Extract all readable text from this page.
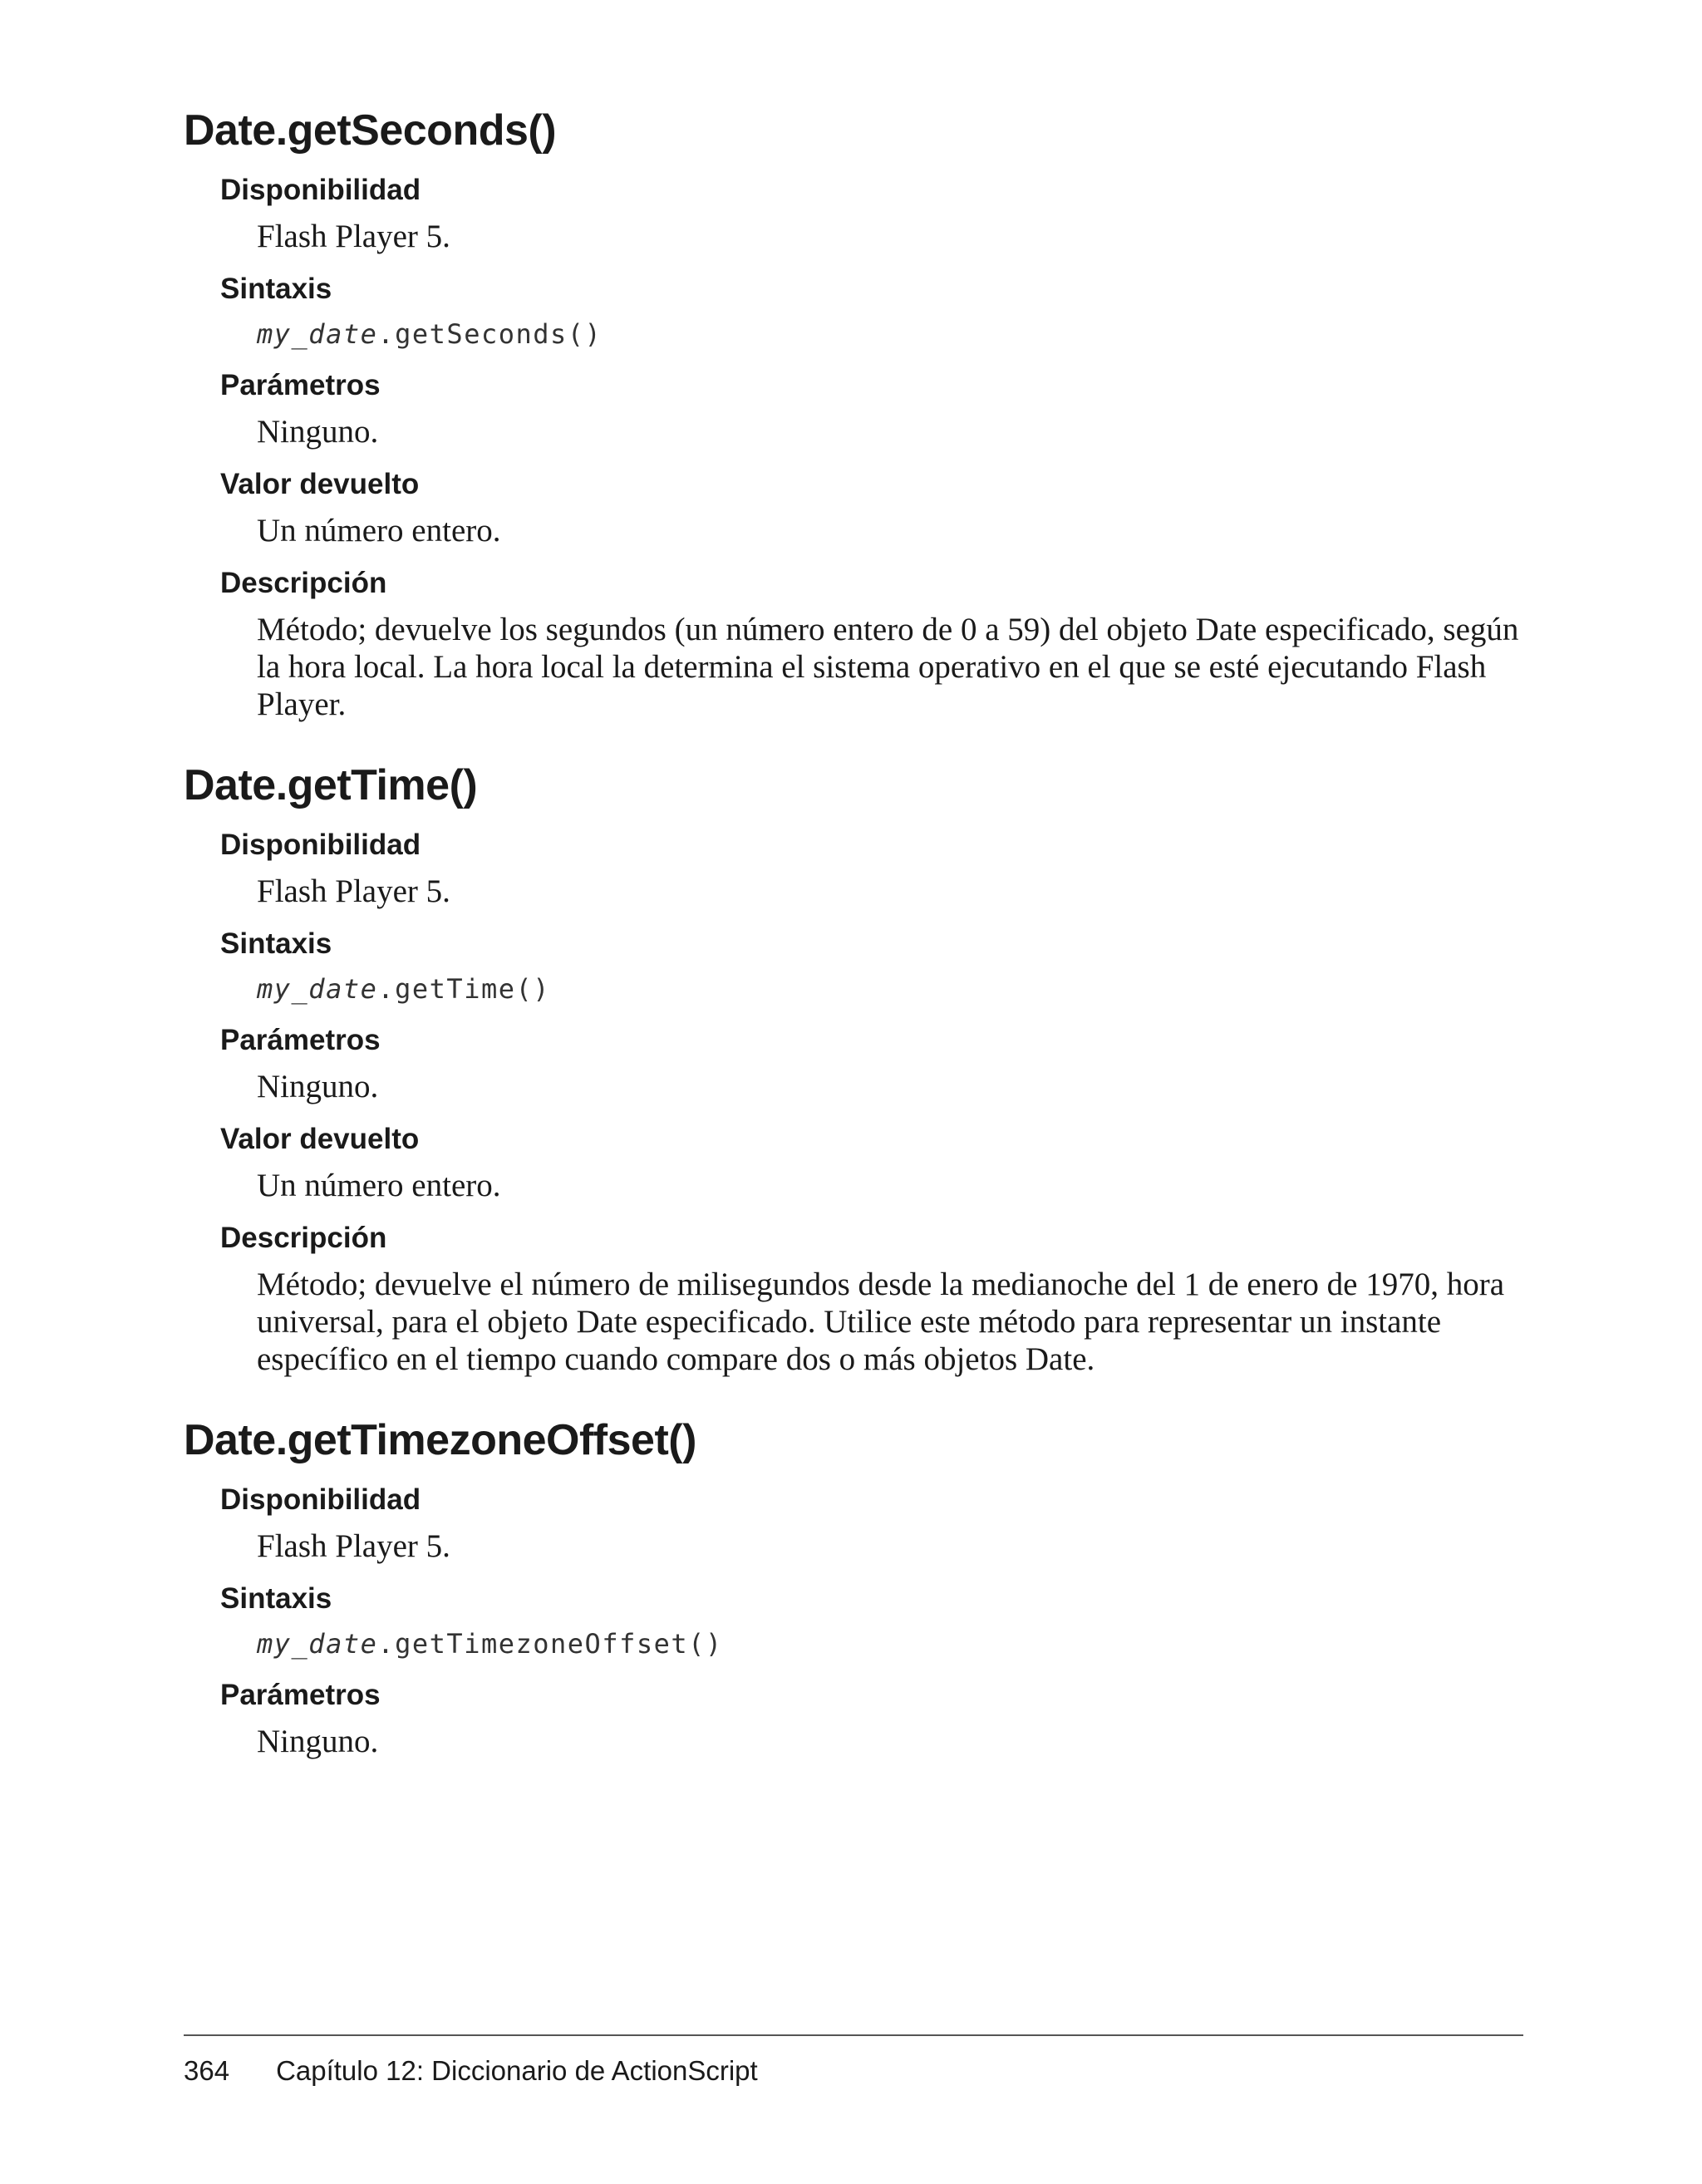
Date.getSeconds()
Disponibilidad

Flash Player 5.

Sintaxis
my_date.getSeconds()
Parámetros

Ninguno.

Valor devuelto

Un número entero.

Descripción

Método; devuelve los segundos (un número entero de 0 a 59) del objeto Date especificado, según la hora local. La hora local la determina el sistema operativo en el que se esté ejecutando Flash Player.

Date.getTime()
Disponibilidad

Flash Player 5.

Sintaxis
my_date.getTime()
Parámetros

Ninguno.

Valor devuelto

Un número entero.

Descripción

Método; devuelve el número de milisegundos desde la medianoche del 1 de enero de 1970, hora universal, para el objeto Date especificado. Utilice este método para representar un instante específico en el tiempo cuando compare dos o más objetos Date.

Date.getTimezoneOffset()
Disponibilidad

Flash Player 5.

Sintaxis
my_date.getTimezoneOffset()
Parámetros

Ninguno.

364 Capítulo 12: Diccionario de ActionScript
